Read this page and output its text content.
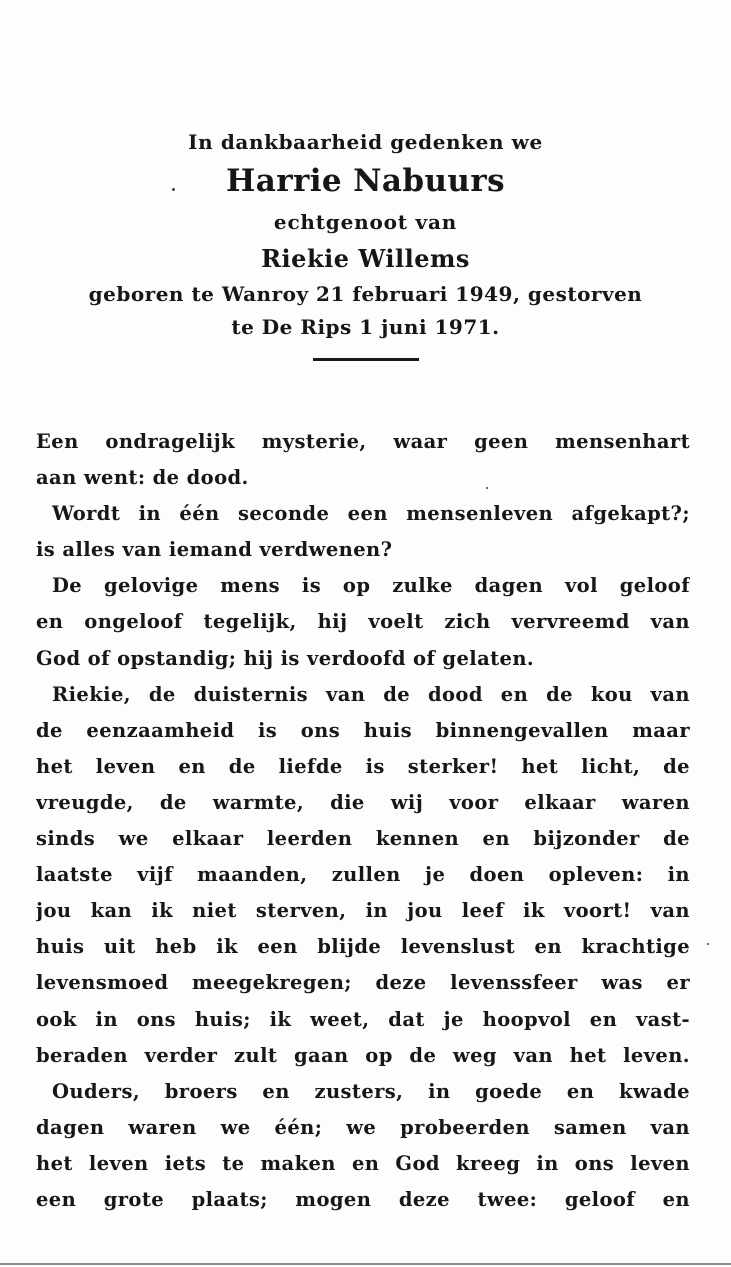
In dankbaarheid gedenken we
Harrie Nabuurs
echtgenoot van
Riekie Willems
geboren te Wanroy 21 februari 1949, gestorven
te De Rips 1 juni 1971.
Een ondragelijk mysterie, waar geen mensenhart
aan went: de dood.
Wordt in één seconde een mensenleven afgekapt?;
is alles van iemand verdwenen?
De gelovige mens is op zulke dagen vol geloof
en ongeloof tegelijk, hij voelt zich vervreemd van
God of opstandig; hij is verdoofd of gelaten.
Riekie, de duisternis van de dood en de kou van
de eenzaamheid is ons huis binnengevallen maar
het leven en de liefde is sterker! het licht, de
vreugde, de warmte, die wij voor elkaar waren
sinds we elkaar leerden kennen en bijzonder de
laatste vijf maanden, zullen je doen opleven: in
jou kan ik niet sterven, in jou leef ik voort! van
huis uit heb ik een blijde levenslust en krachtige
levensmoed meegekregen; deze levenssfeer was er
ook in ons huis; ik weet, dat je hoopvol en vast-
beraden verder zult gaan op de weg van het leven.
Ouders, broers en zusters, in goede en kwade
dagen waren we één; we probeerden samen van
het leven iets te maken en God kreeg in ons leven
een grote plaats; mogen deze twee: geloof en
